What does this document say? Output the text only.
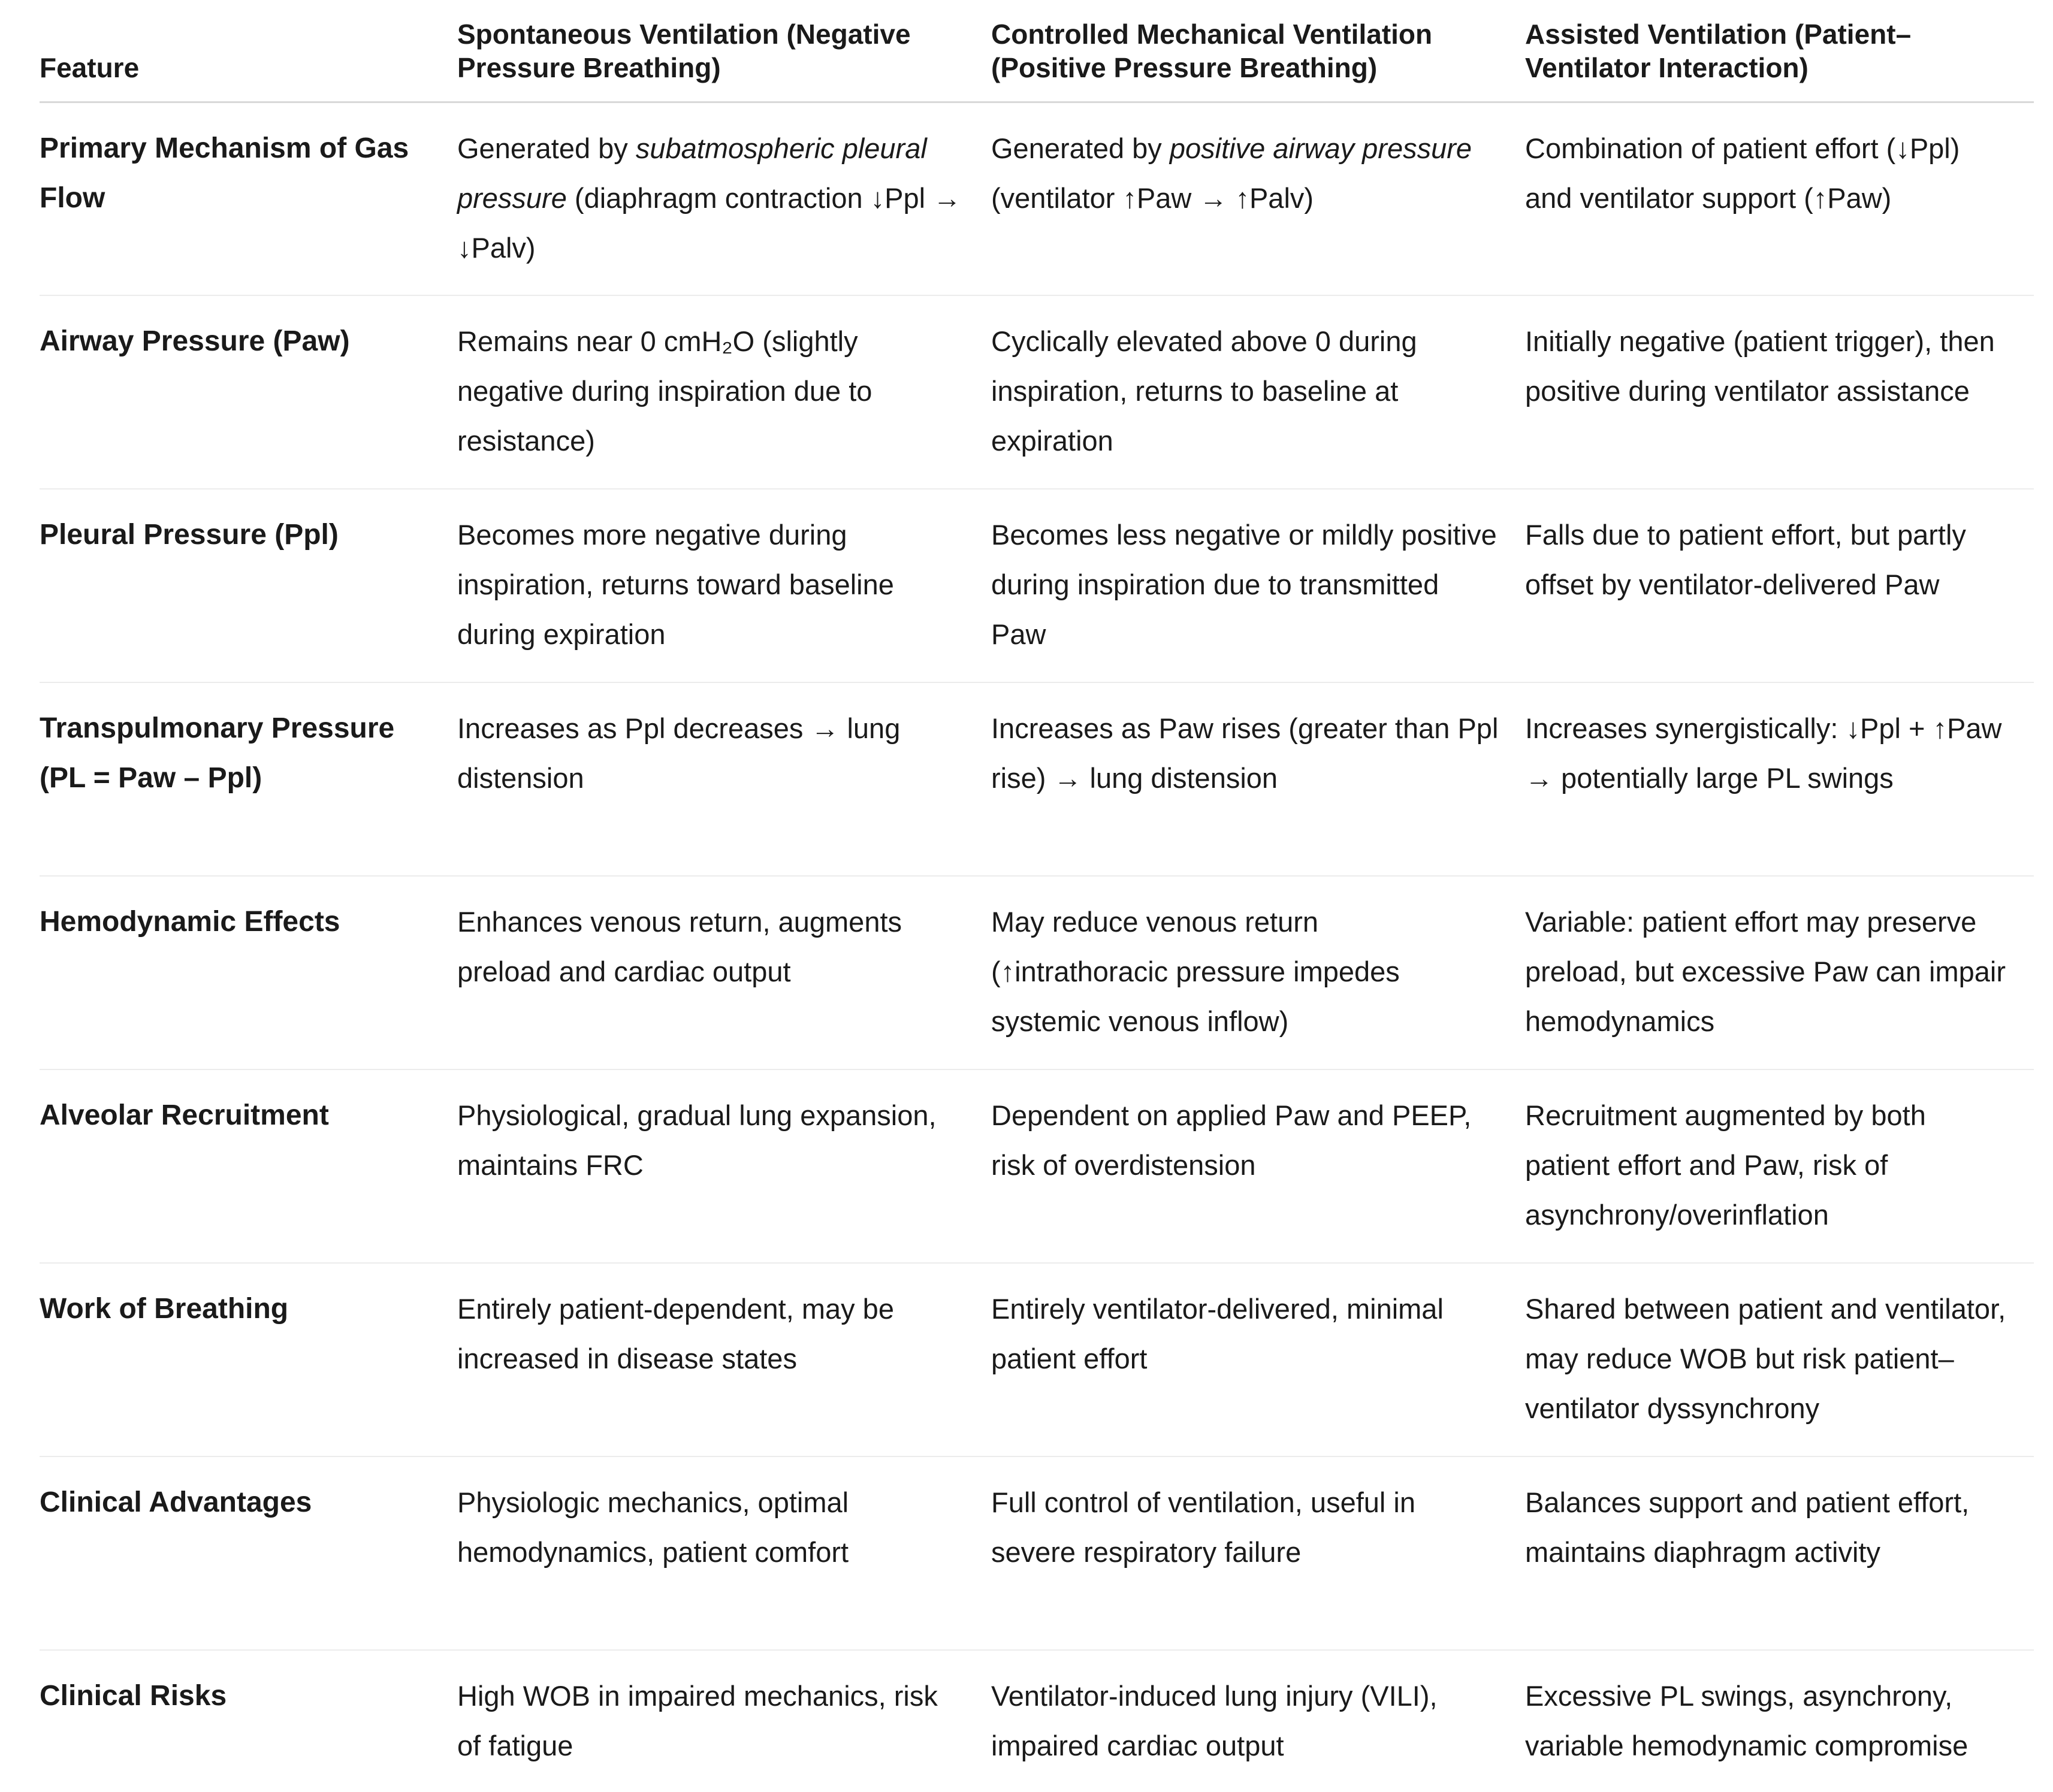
Feature	Spontaneous Ventilation (Negative Pressure Breathing)	Controlled Mechanical Ventilation (Positive Pressure Breathing)	Assisted Ventilation (Patient–Ventilator Interaction)
Primary Mechanism of Gas Flow	Generated by subatmospheric pleural pressure (diaphragm contraction ↓Ppl → ↓Palv)	Generated by positive airway pressure (ventilator ↑Paw → ↑Palv)	Combination of patient effort (↓Ppl) and ventilator support (↑Paw)
Airway Pressure (Paw)	Remains near 0 cmH₂O (slightly negative during inspiration due to resistance)	Cyclically elevated above 0 during inspiration, returns to baseline at expiration	Initially negative (patient trigger), then positive during ventilator assistance
Pleural Pressure (Ppl)	Becomes more negative during inspiration, returns toward baseline during expiration	Becomes less negative or mildly positive during inspiration due to transmitted Paw	Falls due to patient effort, but partly offset by ventilator-delivered Paw
Transpulmonary Pressure (PL = Paw – Ppl)	Increases as Ppl decreases → lung distension	Increases as Paw rises (greater than Ppl rise) → lung distension	Increases synergistically: ↓Ppl + ↑Paw → potentially large PL swings
Hemodynamic Effects	Enhances venous return, augments preload and cardiac output	May reduce venous return (↑intrathoracic pressure impedes systemic venous inflow)	Variable: patient effort may preserve preload, but excessive Paw can impair hemodynamics
Alveolar Recruitment	Physiological, gradual lung expansion, maintains FRC	Dependent on applied Paw and PEEP, risk of overdistension	Recruitment augmented by both patient effort and Paw, risk of asynchrony/overinflation
Work of Breathing	Entirely patient-dependent, may be increased in disease states	Entirely ventilator-delivered, minimal patient effort	Shared between patient and ventilator, may reduce WOB but risk patient–ventilator dyssynchrony
Clinical Advantages	Physiologic mechanics, optimal hemodynamics, patient comfort	Full control of ventilation, useful in severe respiratory failure	Balances support and patient effort, maintains diaphragm activity
Clinical Risks	High WOB in impaired mechanics, risk of fatigue	Ventilator-induced lung injury (VILI), impaired cardiac output	Excessive PL swings, asynchrony, variable hemodynamic compromise
